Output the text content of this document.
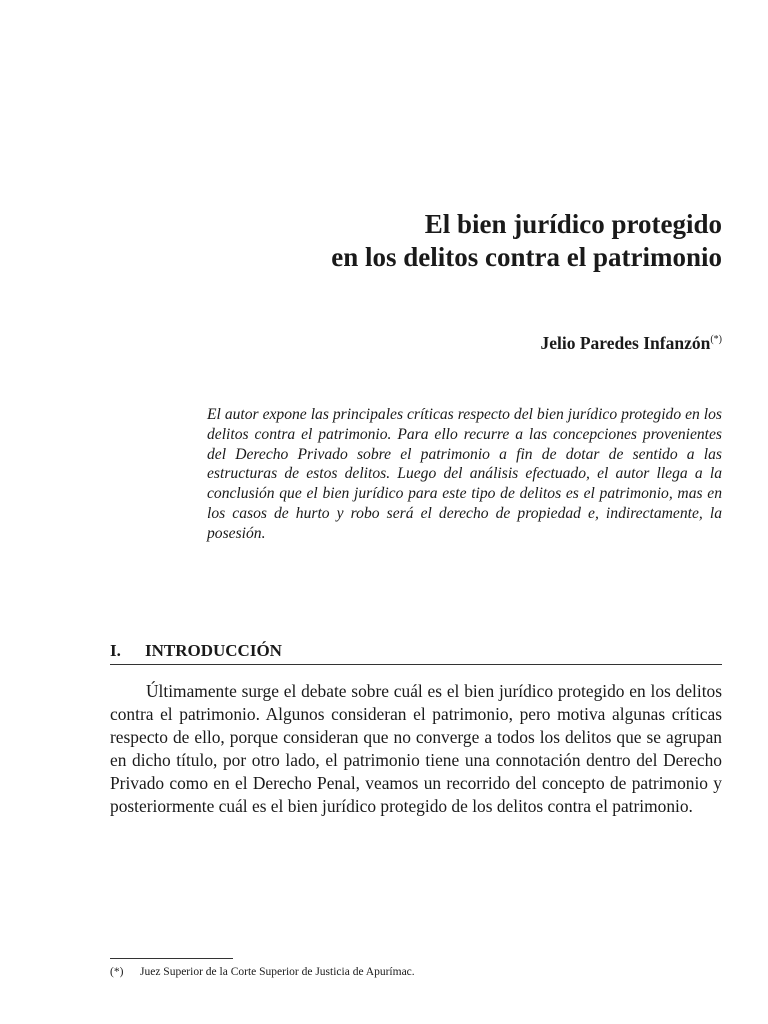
El bien jurídico protegido
en los delitos contra el patrimonio

Jelio Paredes Infanzón(*)

El autor expone las principales críticas respecto del bien jurídico protegido en los delitos contra el patrimonio. Para ello recurre a las concepciones provenientes del Derecho Privado sobre el patrimonio a fin de dotar de sentido a las estructuras de estos delitos. Luego del análisis efectuado, el autor llega a la conclusión que el bien jurídico para este tipo de delitos es el patrimonio, mas en los casos de hurto y robo será el derecho de propiedad e, indirectamente, la posesión.

I. INTRODUCCIÓN

Últimamente surge el debate sobre cuál es el bien jurídico protegido en los delitos contra el patrimonio. Algunos consideran el patrimonio, pero motiva algunas críticas respecto de ello, porque consideran que no converge a todos los delitos que se agrupan en dicho título, por otro lado, el patrimonio tiene una connotación dentro del Derecho Privado como en el Derecho Penal, veamos un recorrido del concepto de patrimonio y posteriormente cuál es el bien jurídico protegido de los delitos contra el patrimonio.

(*) Juez Superior de la Corte Superior de Justicia de Apurímac.
